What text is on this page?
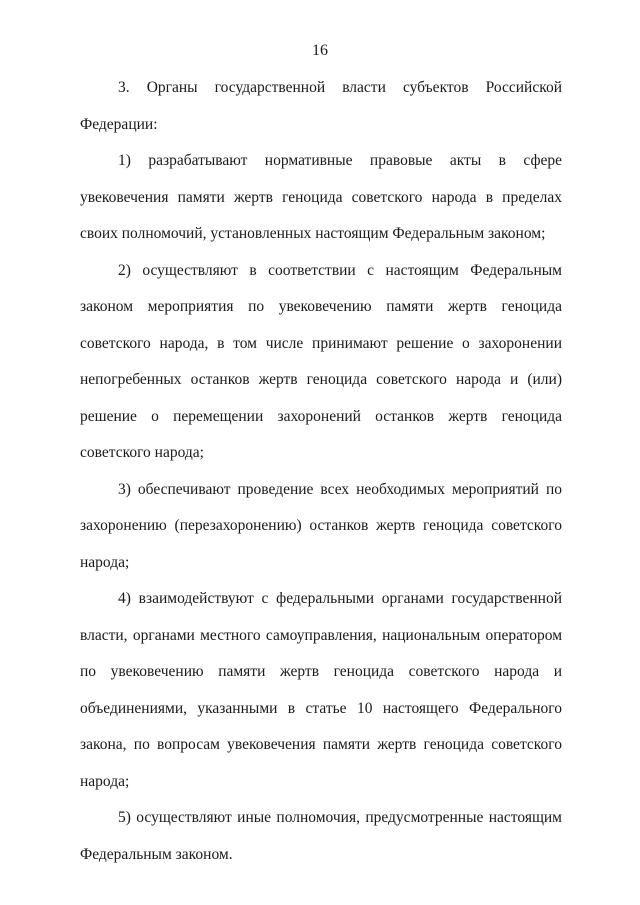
16

3. Органы государственной власти субъектов Российской Федерации:

1) разрабатывают нормативные правовые акты в сфере увековечения памяти жертв геноцида советского народа в пределах своих полномочий, установленных настоящим Федеральным законом;

2) осуществляют в соответствии с настоящим Федеральным законом мероприятия по увековечению памяти жертв геноцида советского народа, в том числе принимают решение о захоронении непогребенных останков жертв геноцида советского народа и (или) решение о перемещении захоронений останков жертв геноцида советского народа;

3) обеспечивают проведение всех необходимых мероприятий по захоронению (перезахоронению) останков жертв геноцида советского народа;

4) взаимодействуют с федеральными органами государственной власти, органами местного самоуправления, национальным оператором по увековечению памяти жертв геноцида советского народа и объединениями, указанными в статье 10 настоящего Федерального закона, по вопросам увековечения памяти жертв геноцида советского народа;

5) осуществляют иные полномочия, предусмотренные настоящим Федеральным законом.
